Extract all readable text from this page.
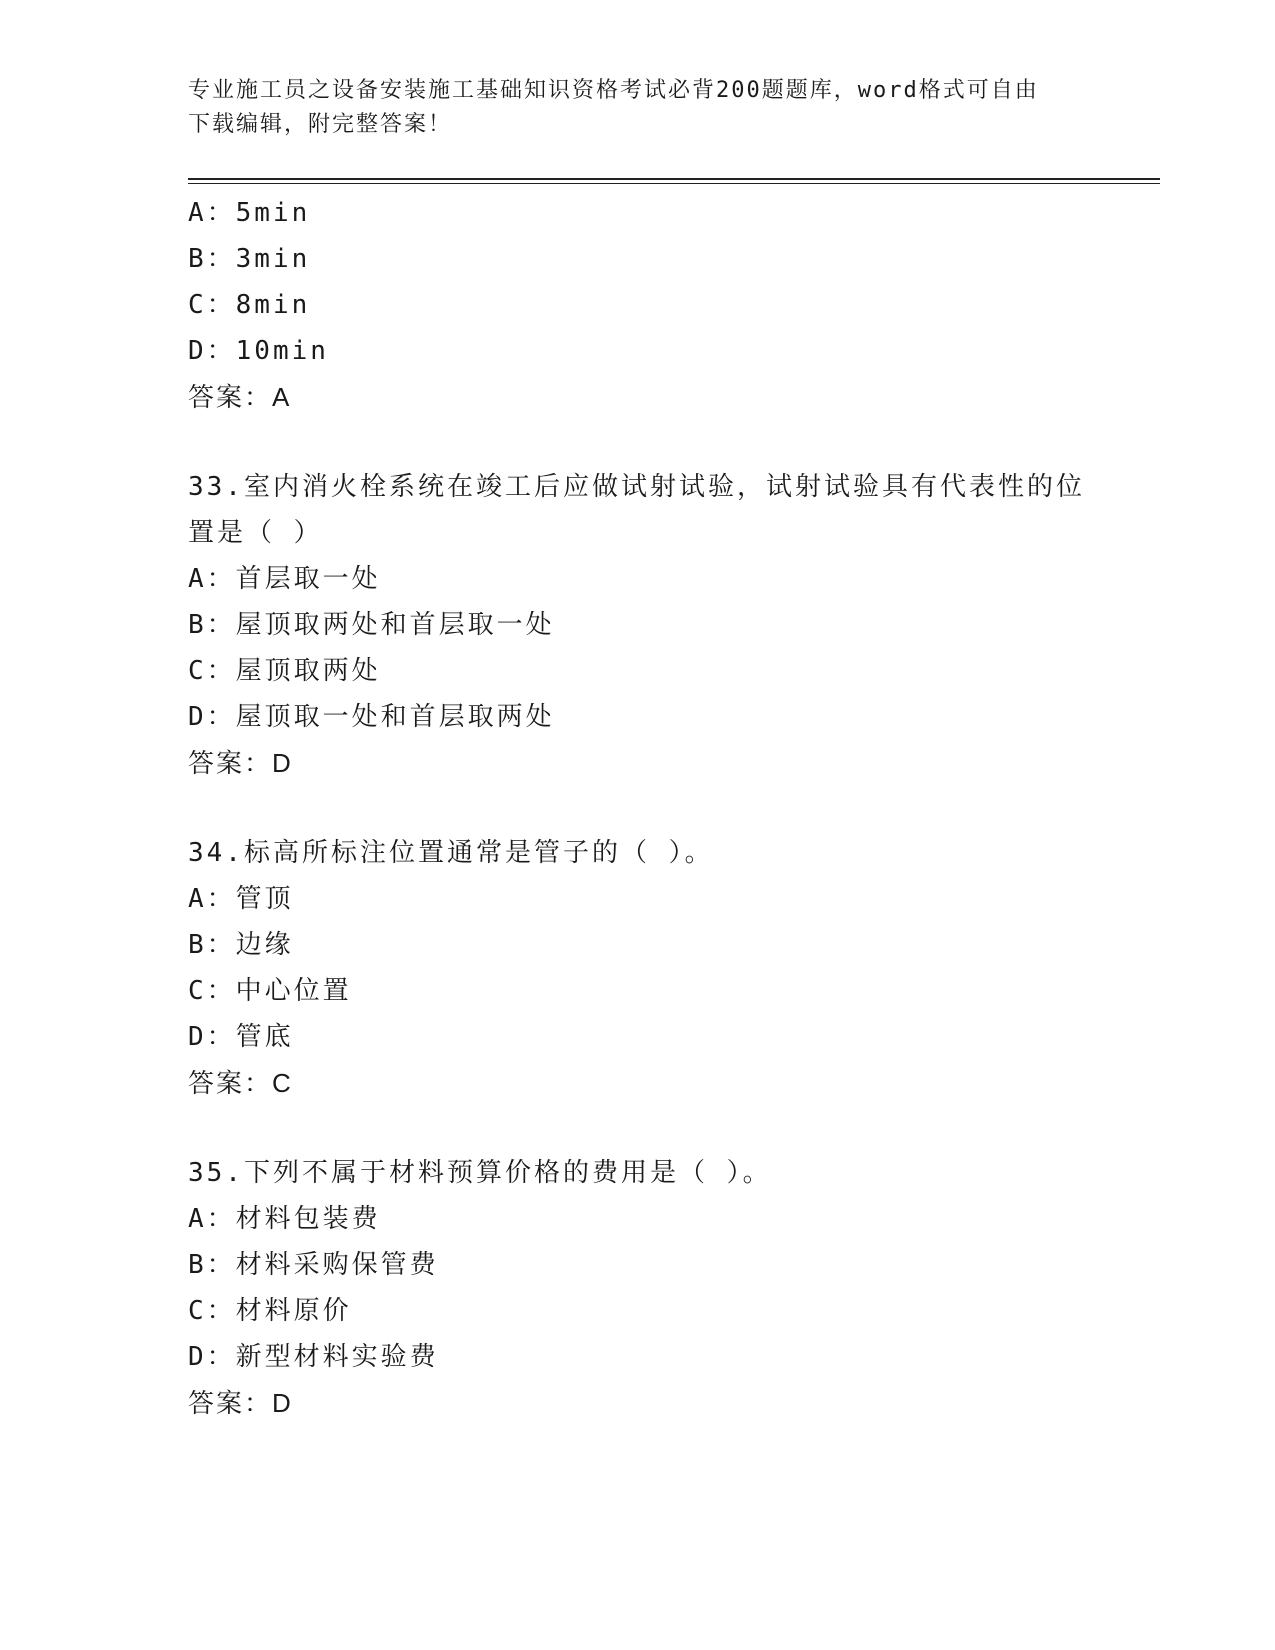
专业施工员之设备安装施工基础知识资格考试必背200题题库，word格式可自由
下载编辑，附完整答案！
A：5min
B：3min
C：8min
D：10min
答案：A
33.室内消火栓系统在竣工后应做试射试验，试射试验具有代表性的位
置是（ ）
A：首层取一处
B：屋顶取两处和首层取一处
C：屋顶取两处
D：屋顶取一处和首层取两处
答案：D
34.标高所标注位置通常是管子的（ ）。
A：管顶
B：边缘
C：中心位置
D：管底
答案：C
35.下列不属于材料预算价格的费用是（ ）。
A：材料包装费
B：材料采购保管费
C：材料原价
D：新型材料实验费
答案：D
